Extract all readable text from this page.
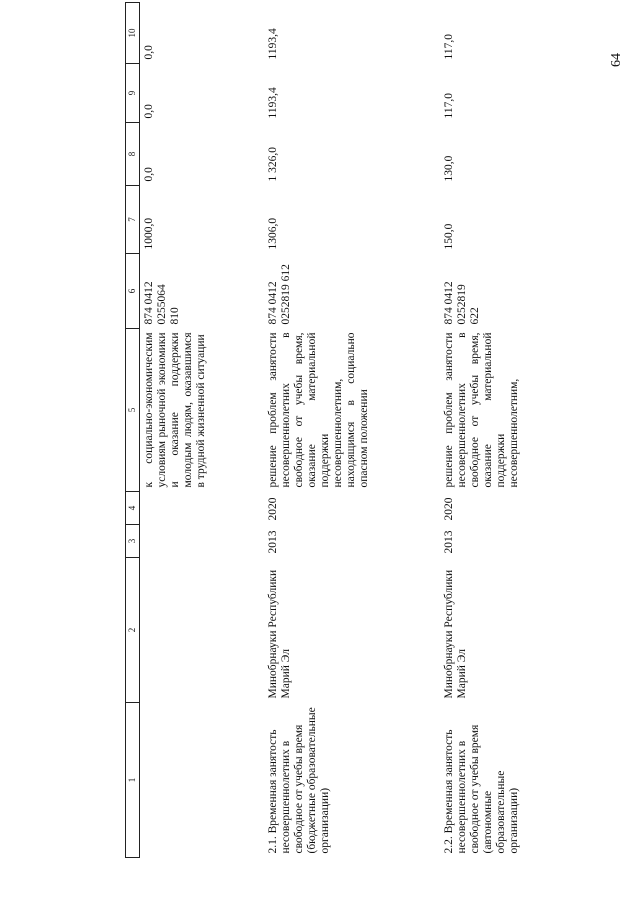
64
1	2	3	4	5	6	7	8	9	10
				к социально-экономическим условиям рыночной экономики и оказание поддержки молодым людям, оказавшимся в трудной жизненной ситуации	874 0412
0255064
810	1000,0	0,0	0,0	0,0
2.1. Временная занятость несовершеннолетних в свободное от учебы время (бюджетные образовательные организации)	Минобрнауки Республики Марий Эл	2013	2020	решение проблем занятости несовершеннолетних в свободное от учебы время, оказание материальной поддержки несовершеннолетним, находящимся в социально опасном положении	874 0412
0252819 612	1306,0	1 326,0	1193,4	1193,4
2.2. Временная занятость несовершеннолетних в свободное от учебы время (автономные образовательные организации)	Минобрнауки Республики Марий Эл	2013	2020	решение проблем занятости несовершеннолетних в свободное от учебы время, оказание материальной поддержки несовершеннолетним,	874 0412
0252819
622	150,0	130,0	117,0	117,0
